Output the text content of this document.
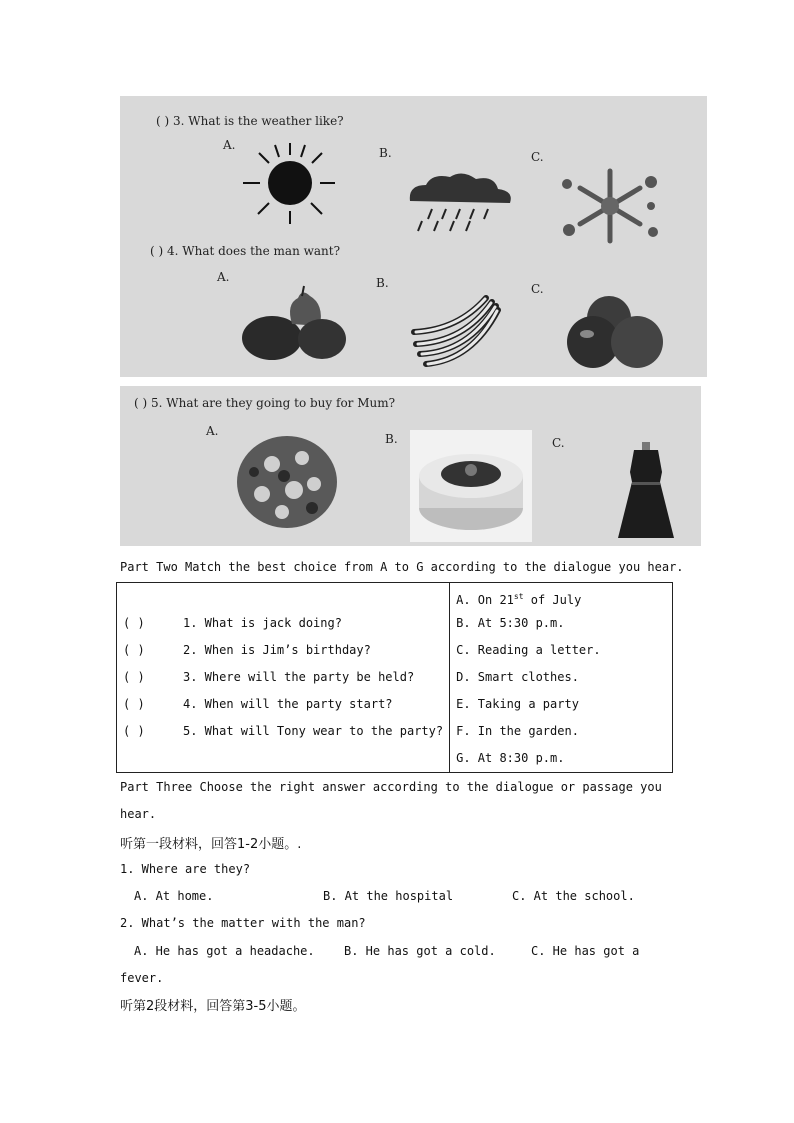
( ) 3. What is the weather like?
A.
B.	C.
( ) 4. What does the man want?
A.	B.	C.
( ) 5. What are they going to buy for Mum?
A.
B.	C.
Part Two Match the best choice from A to G according to the dialogue you hear.
( )	1. What is jack doing?
( )	2. When is Jim’s birthday?
( )	3. Where will the party be held?
( )	4. When will the party start?
( )	5. What will Tony wear to the party?

A. On 21st of July
B. At 5:30 p.m.
C. Reading a letter.
D. Smart clothes.
E. Taking a party
F. In the garden.
G. At 8:30 p.m.
Part Three Choose the right answer according to the dialogue or passage you
hear.
听第一段材料，回答1-2小题。.
1. Where are they?
A. At home.	B. At the hospital	C. At the school.
2. What’s the matter with the man?
A. He has got a headache. B. He has got a cold.	C. He has got a
fever.
听第2段材料，回答第3-5小题。
